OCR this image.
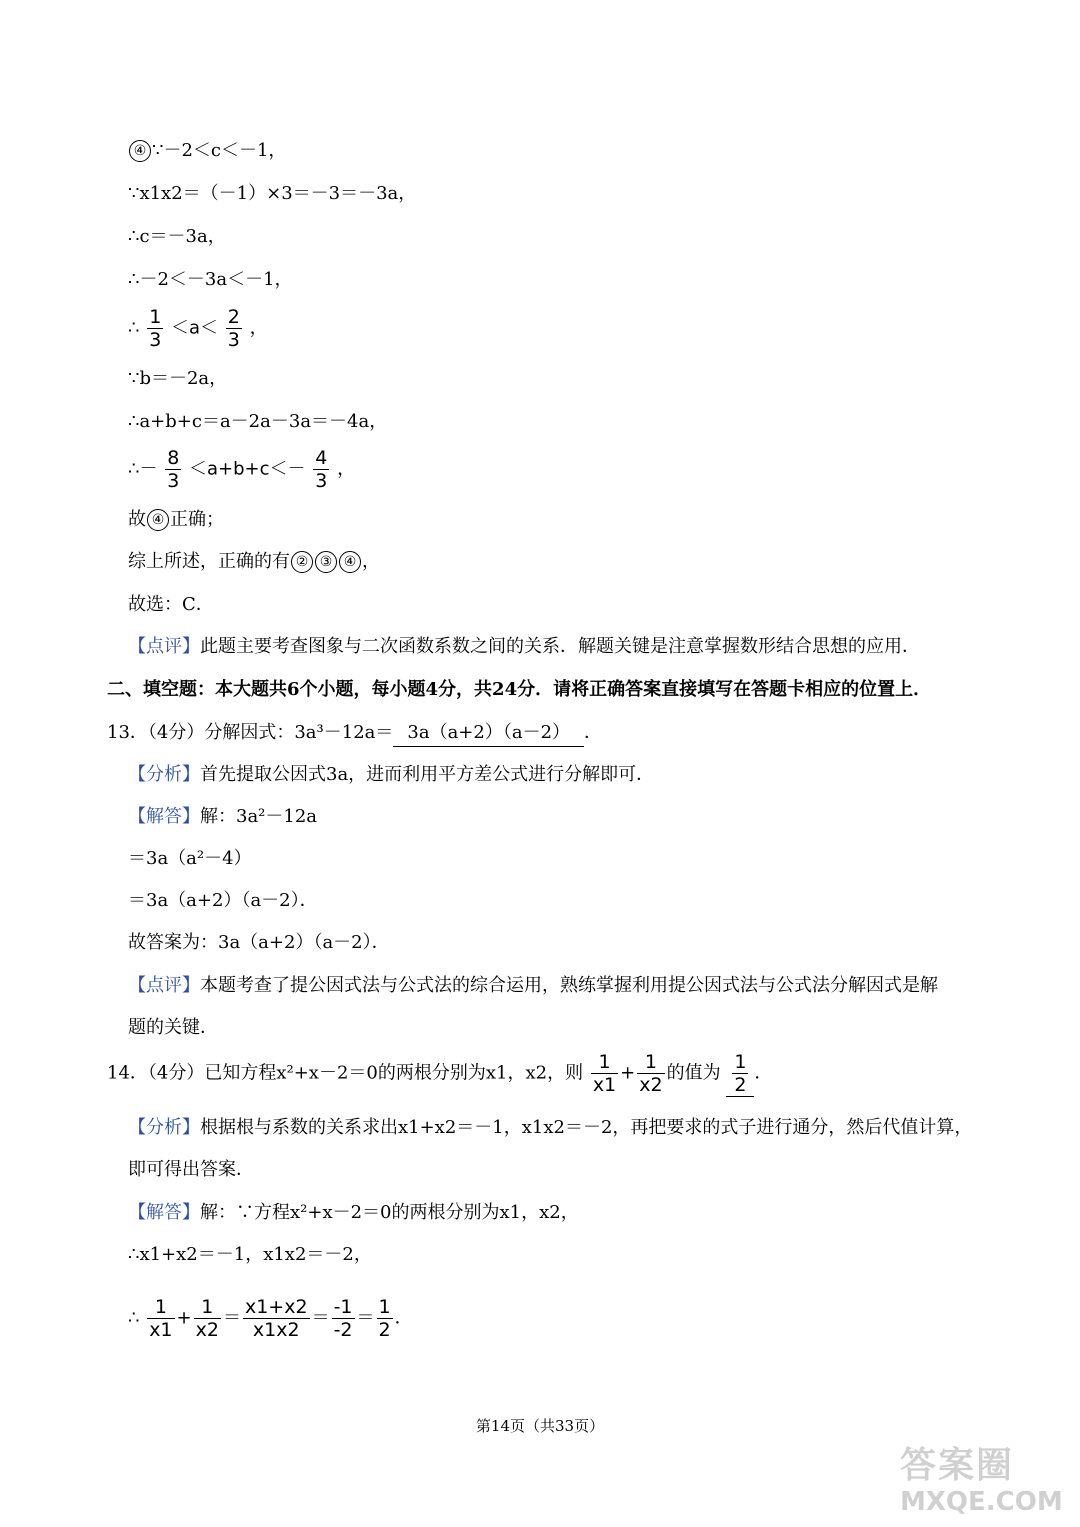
④ ∵－2＜c＜－1，
∵x1x2＝（－1）×3＝－3＝－3a，
∴c＝－3a，
∴－2＜－3a＜－1，
∴ $\frac{1}{3} <a< \frac{2}{3}$ ，
∵b＝－2a，
∴a+b+c＝a－2a－3a＝－4a，
∴－ $\frac{8}{3} <a+b+c<- \frac{4}{3}$ ，
故 ④ 正确；
综上所述，正确的有 ② ③ ④ ，
故选：C．
【点评】此题主要考查图象与二次函数系数之间的关系．解题关键是注意掌握数形结合思想的应用．
二、填空题：本大题共6个小题，每小题4分，共24分．请将正确答案直接填写在答题卡相应的位置上．
13．（4分）分解因式：3a³－12a＝ 3a（a+2）（a－2） ．
【分析】首先提取公因式3a，进而利用平方差公式进行分解即可．
【解答】解：3a²－12a
＝3a（a²－4）
＝3a（a+2）（a－2）．
故答案为：3a（a+2）（a－2）．
【点评】本题考查了提公因式法与公式法的综合运用，熟练掌握利用提公因式法与公式法分解因式是解
题的关键．
14．（4分）已知方程x²+x－2＝0的两根分别为x1，x2，则 $\frac{1}{x1} + \frac{1}{x2}$ 的值为 $\frac{1}{2}$ ．
【分析】根据根与系数的关系求出x1+x2＝－1，x1x2＝－2，再把要求的式子进行通分，然后代值计算，
即可得出答案．
【解答】解：∵方程x²+x－2＝0的两根分别为x1，x2，
∴x1+x2＝－1，x1x2＝－2，
∴ $\frac{1}{x1} + \frac{1}{x2} = \frac{x1+x2}{x1x2} = \frac{-1}{-2} = \frac{1}{2}$ ．
第14页（共33页）
答案圈
MXQE.COM
